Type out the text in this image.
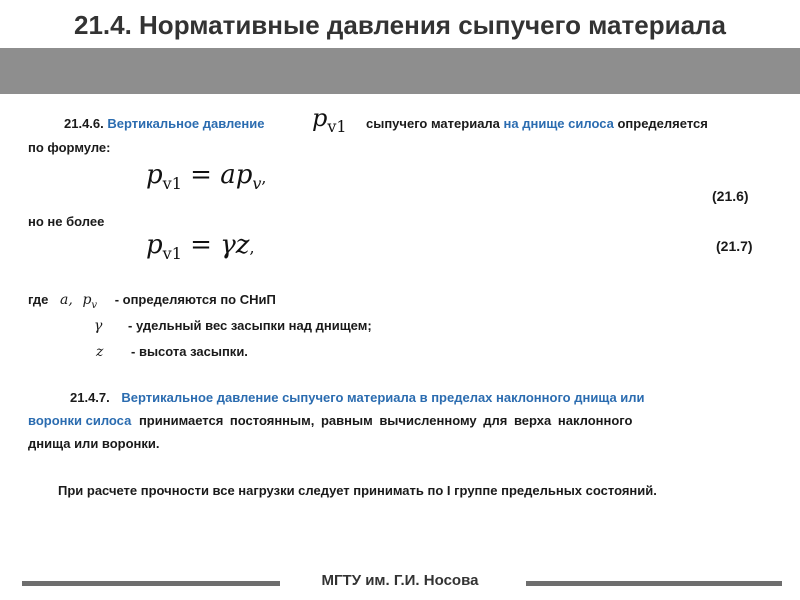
21.4. Нормативные давления сыпучего материала
21.4.6. Вертикальное давление $p_{v1}$ сыпучего материала на днище силоса определяется
по формуле:
$p_{v1} = ap_v$,
(21.6)
но не более
$p_{v1} = \gamma z$,	(21.7)
где a, $p_v$ - определяются по СНиП
γ - удельный вес засыпки над днищем;
z - высота засыпки.
21.4.7. Вертикальное давление сыпучего материала в пределах наклонного днища или
воронки силоса принимается постоянным, равным вычисленному для верха наклонного
днища или воронки.
При расчете прочности все нагрузки следует принимать по I группе предельных состояний.
МГТУ им. Г.И. Носова
